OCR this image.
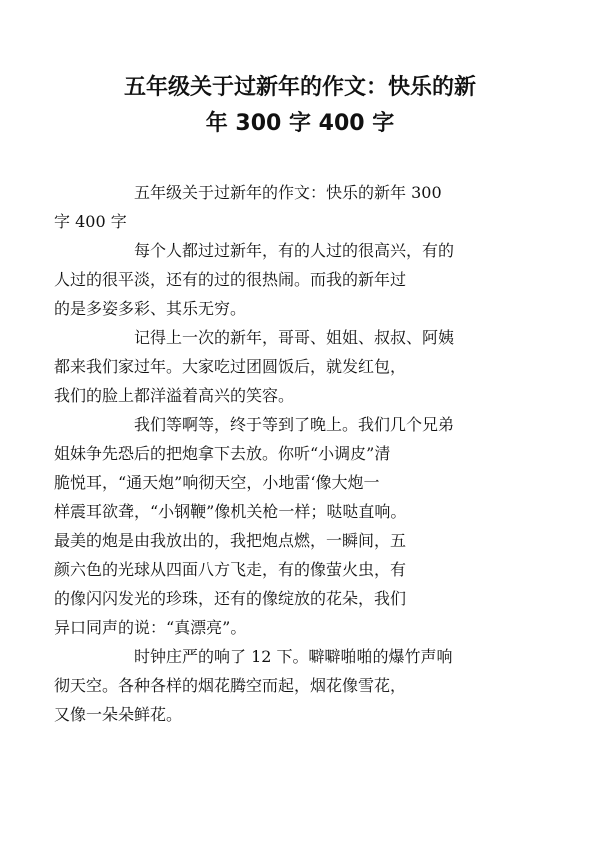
五年级关于过新年的作文：快乐的新
年 300 字 400 字

五年级关于过新年的作文：快乐的新年 300
字 400 字

每个人都过过新年，有的人过的很高兴，有的
人过的很平淡，还有的过的很热闹。而我的新年过
的是多姿多彩、其乐无穷。

记得上一次的新年，哥哥、姐姐、叔叔、阿姨
都来我们家过年。大家吃过团圆饭后，就发红包，
我们的脸上都洋溢着高兴的笑容。

我们等啊等，终于等到了晚上。我们几个兄弟
姐妹争先恐后的把炮拿下去放。你听“小调皮”清
脆悦耳，“通天炮”响彻天空，小地雷‘像大炮一
样震耳欲聋，“小钢鞭”像机关枪一样；哒哒直响。
最美的炮是由我放出的，我把炮点燃，一瞬间，五
颜六色的光球从四面八方飞走，有的像萤火虫，有
的像闪闪发光的珍珠，还有的像绽放的花朵，我们
异口同声的说：“真漂亮”。

时钟庄严的响了 12 下。噼噼啪啪的爆竹声响
彻天空。各种各样的烟花腾空而起，烟花像雪花，
又像一朵朵鲜花。
